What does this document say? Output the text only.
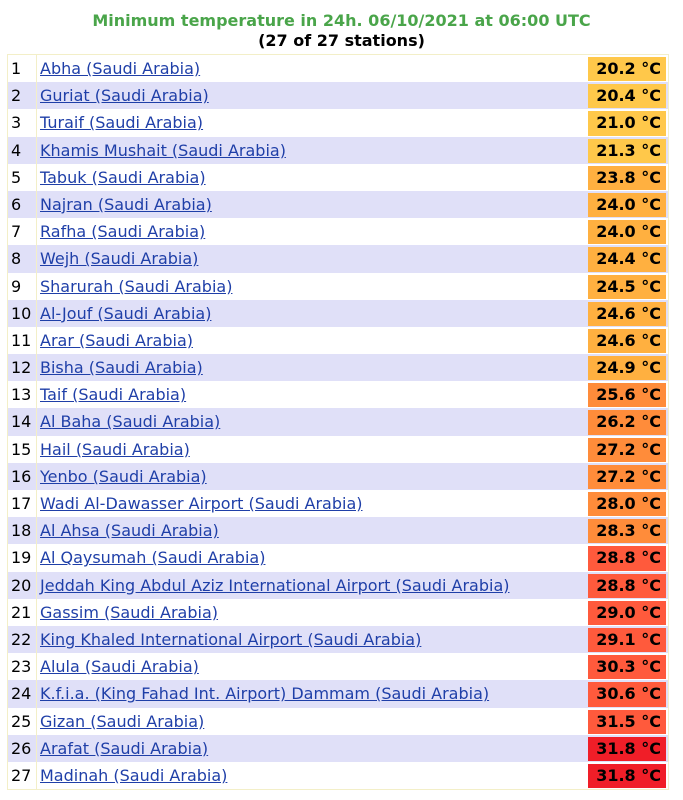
Minimum temperature in 24h. 06/10/2021 at 06:00 UTC
(27 of 27 stations)
1	Abha (Saudi Arabia)	20.2 °C
2	Guriat (Saudi Arabia)	20.4 °C
3	Turaif (Saudi Arabia)	21.0 °C
4	Khamis Mushait (Saudi Arabia)	21.3 °C
5	Tabuk (Saudi Arabia)	23.8 °C
6	Najran (Saudi Arabia)	24.0 °C
7	Rafha (Saudi Arabia)	24.0 °C
8	Wejh (Saudi Arabia)	24.4 °C
9	Sharurah (Saudi Arabia)	24.5 °C
10 Al-Jouf (Saudi Arabia)	24.6 °C
11 Arar (Saudi Arabia)	24.6 °C
12 Bisha (Saudi Arabia)	24.9 °C
13 Taif (Saudi Arabia)	25.6 °C
14 Al Baha (Saudi Arabia)	26.2 °C
15 Hail (Saudi Arabia)	27.2 °C
16 Yenbo (Saudi Arabia)	27.2 °C
17 Wadi Al-Dawasser Airport (Saudi Arabia)	28.0 °C
18 Al Ahsa (Saudi Arabia)	28.3 °C
19 Al Qaysumah (Saudi Arabia)	28.8 °C
20 Jeddah King Abdul Aziz International Airport (Saudi Arabia)	28.8 °C
21 Gassim (Saudi Arabia)	29.0 °C
22 King Khaled International Airport (Saudi Arabia)	29.1 °C
23 Alula (Saudi Arabia)	30.3 °C
24 K.f.i.a. (King Fahad Int. Airport) Dammam (Saudi Arabia)	30.6 °C
25 Gizan (Saudi Arabia)	31.5 °C
26 Arafat (Saudi Arabia)	31.8 °C
27 Madinah (Saudi Arabia)	31.8 °C
